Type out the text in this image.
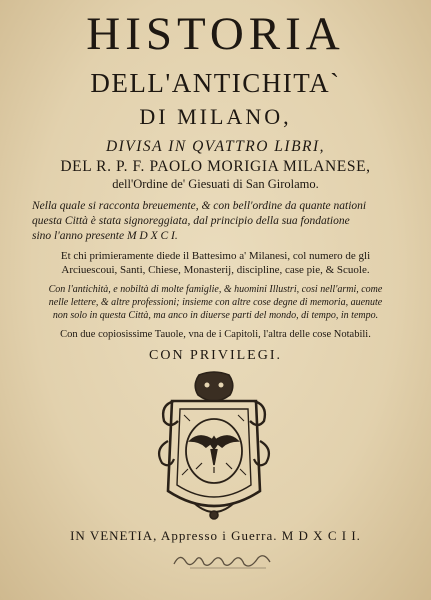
HISTORIA
DELL'ANTICHITA`
DI MILANO,
DIVISA IN QVATTRO LIBRI,
DEL R. P. F. PAOLO MORIGIA MILANESE,
dell'Ordine de' Giesuati di San Girolamo.
Nella quale si racconta breuemente, & con bell'ordine da quante nationi
questa Città è stata signoreggiata, dal principio della sua fondatione
sino l'anno presente M D X C I.
Et chi primieramente diede il Battesimo a' Milanesi, col numero de gli
Arciuescoui, Santi, Chiese, Monasterij, discipline, case pie, & Scuole.
Con l'antichità, e nobiltà di molte famiglie, & huomini Illustri, cosi nell'armi, come
nelle lettere, & altre professioni; insieme con altre cose degne di memoria, auenute
non solo in questa Città, ma anco in diuerse parti del mondo, di tempo, in tempo.
Con due copiosissime Tauole, vna de i Capitoli, l'altra delle cose Notabili.
CON PRIVILEGI.
IN VENETIA, Appresso i Guerra. M D X C I I.
